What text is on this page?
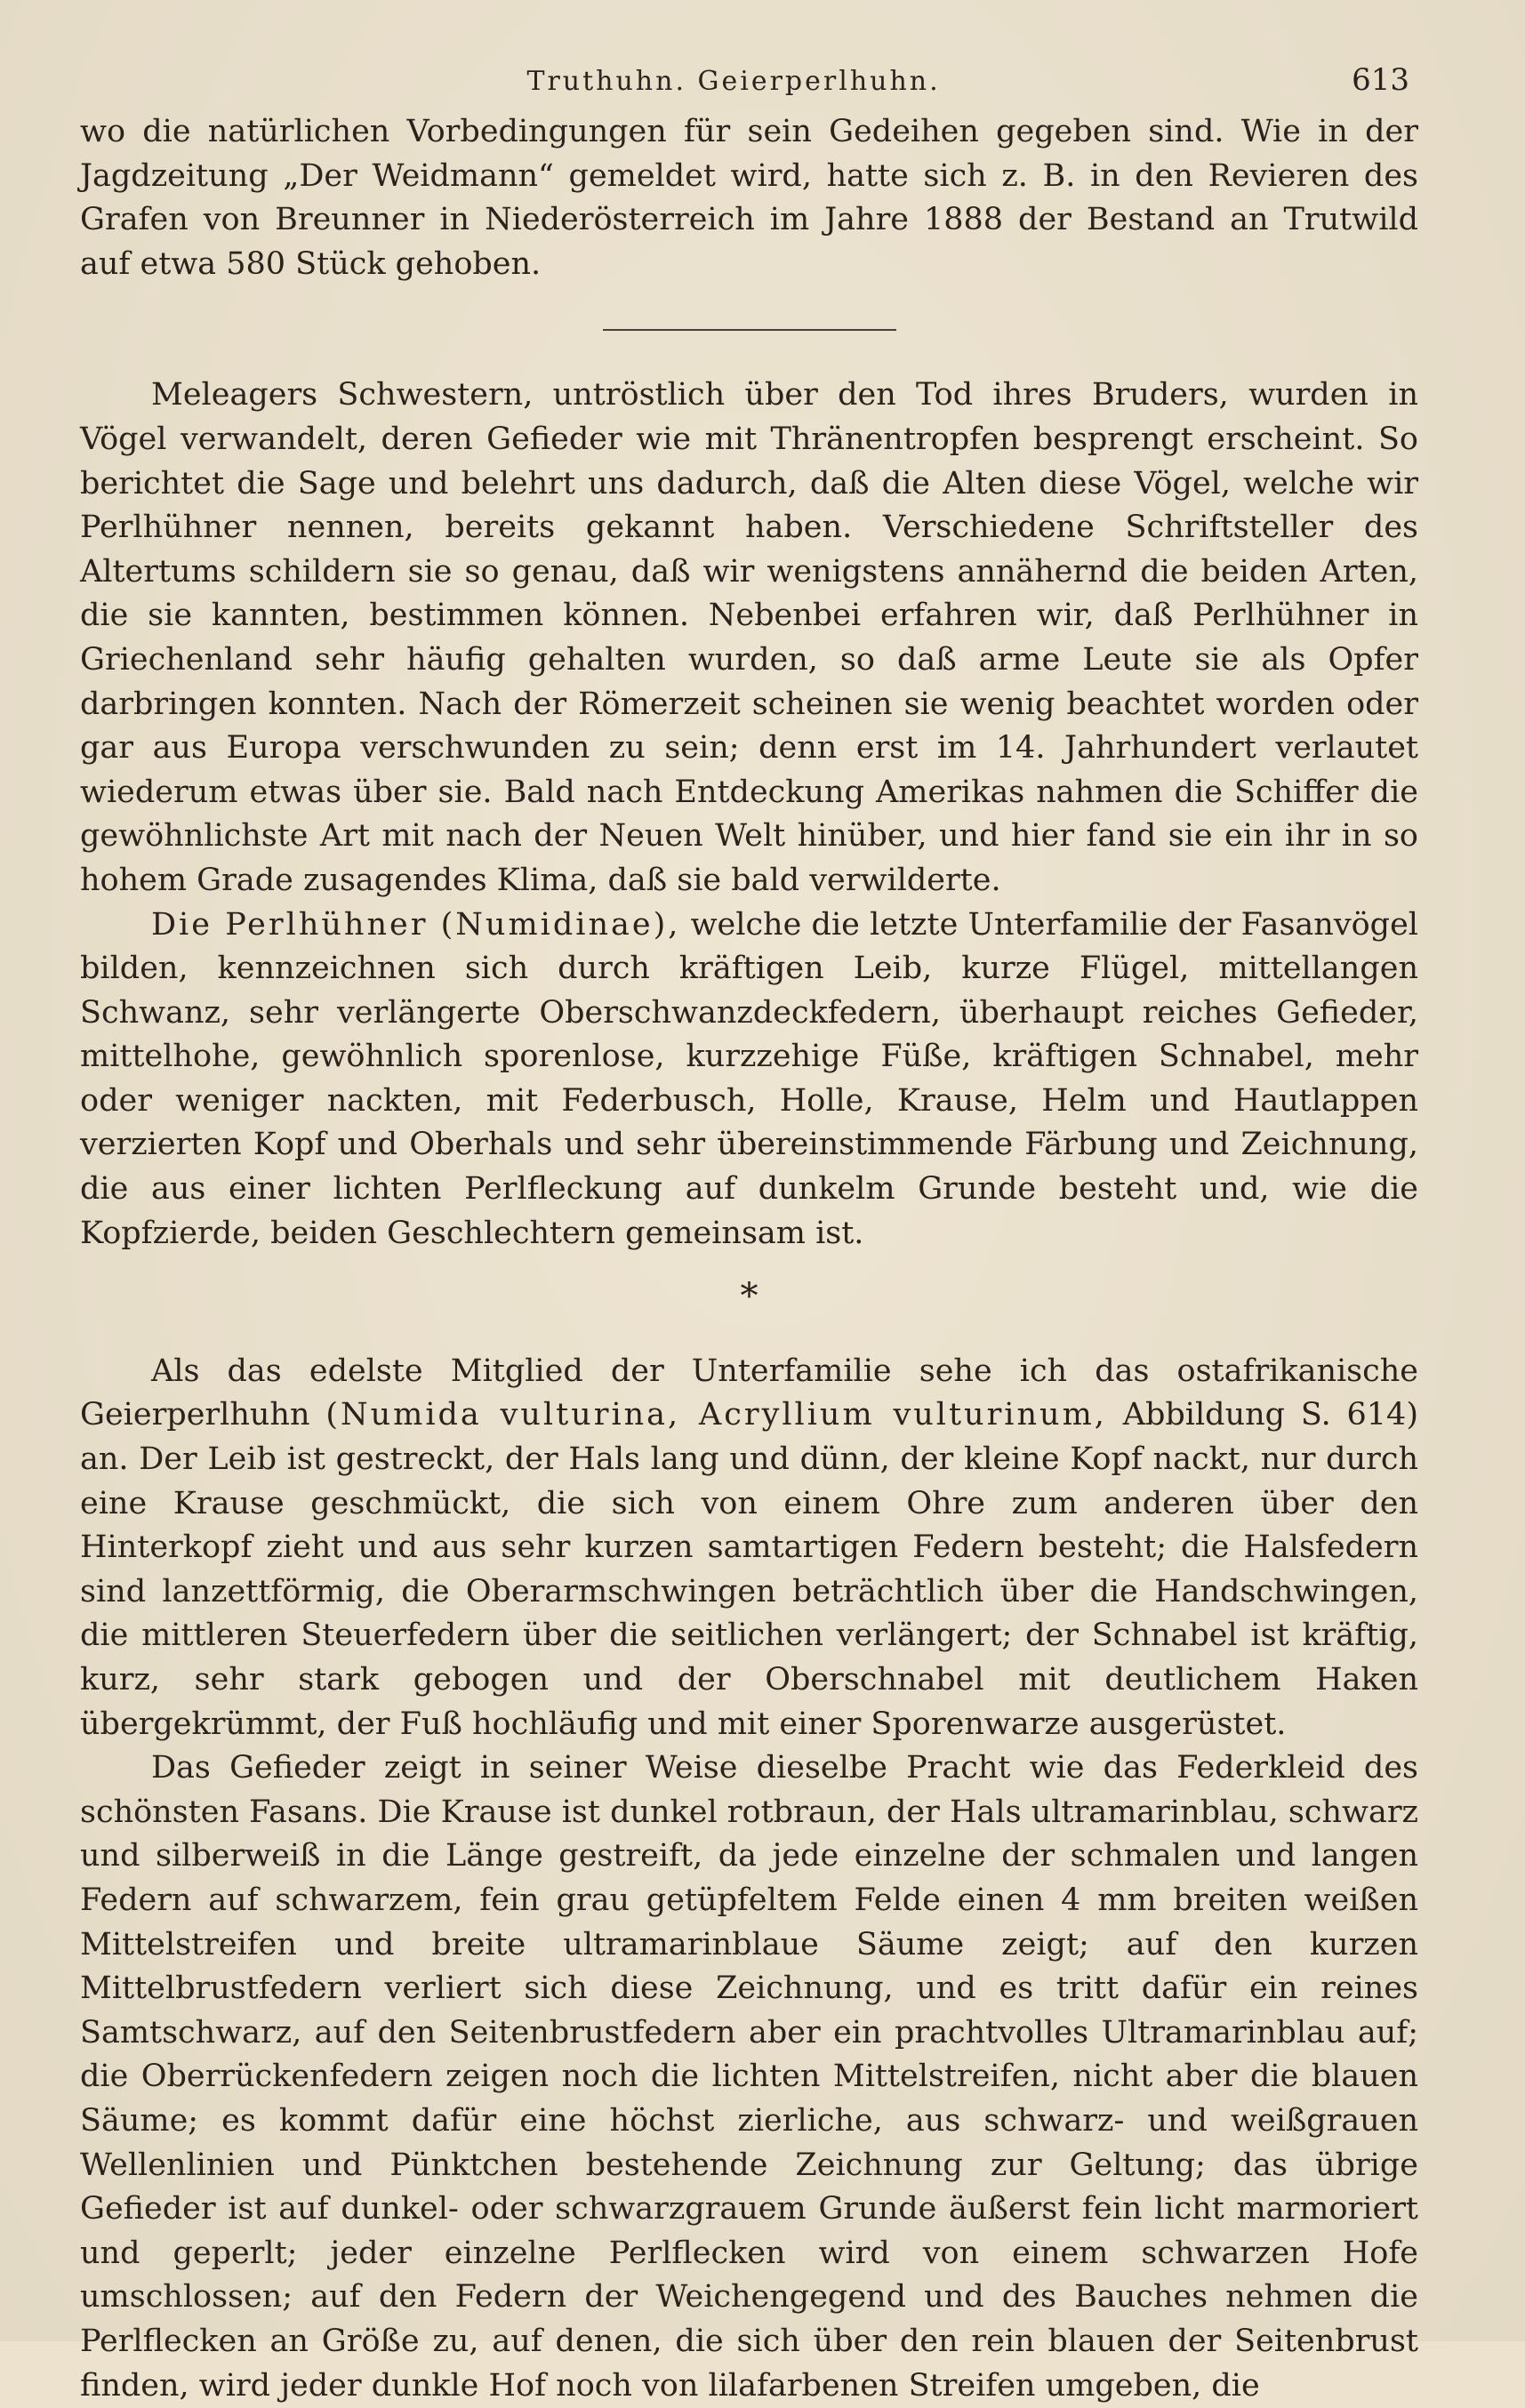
Truthuhn. Geierperlhuhn.	613

wo die natürlichen Vorbedingungen für sein Gedeihen gegeben sind. Wie in der Jagdzeitung „Der Weidmann“ gemeldet wird, hatte sich z. B. in den Revieren des Grafen von Breunner in Niederösterreich im Jahre 1888 der Bestand an Trutwild auf etwa 580 Stück gehoben.

Meleagers Schwestern, untröstlich über den Tod ihres Bruders, wurden in Vögel verwandelt, deren Gefieder wie mit Thränentropfen besprengt erscheint. So berichtet die Sage und belehrt uns dadurch, daß die Alten diese Vögel, welche wir Perlhühner nennen, bereits gekannt haben. Verschiedene Schriftsteller des Altertums schildern sie so genau, daß wir wenigstens annähernd die beiden Arten, die sie kannten, bestimmen können. Nebenbei erfahren wir, daß Perlhühner in Griechenland sehr häufig gehalten wurden, so daß arme Leute sie als Opfer darbringen konnten. Nach der Römerzeit scheinen sie wenig beachtet worden oder gar aus Europa verschwunden zu sein; denn erst im 14. Jahrhundert verlautet wiederum etwas über sie. Bald nach Entdeckung Amerikas nahmen die Schiffer die gewöhnlichste Art mit nach der Neuen Welt hinüber, und hier fand sie ein ihr in so hohem Grade zusagendes Klima, daß sie bald verwilderte.

Die Perlhühner (Numidinae), welche die letzte Unterfamilie der Fasanvögel bilden, kennzeichnen sich durch kräftigen Leib, kurze Flügel, mittellangen Schwanz, sehr verlängerte Oberschwanzdeckfedern, überhaupt reiches Gefieder, mittelhohe, gewöhnlich sporenlose, kurzzehige Füße, kräftigen Schnabel, mehr oder weniger nackten, mit Federbusch, Holle, Krause, Helm und Hautlappen verzierten Kopf und Oberhals und sehr übereinstimmende Färbung und Zeichnung, die aus einer lichten Perlfleckung auf dunkelm Grunde besteht und, wie die Kopfzierde, beiden Geschlechtern gemeinsam ist.

*

Als das edelste Mitglied der Unterfamilie sehe ich das ostafrikanische Geierperlhuhn (Numida vulturina, Acryllium vulturinum, Abbildung S. 614) an. Der Leib ist gestreckt, der Hals lang und dünn, der kleine Kopf nackt, nur durch eine Krause geschmückt, die sich von einem Ohre zum anderen über den Hinterkopf zieht und aus sehr kurzen samtartigen Federn besteht; die Halsfedern sind lanzettförmig, die Oberarmschwingen beträchtlich über die Handschwingen, die mittleren Steuerfedern über die seitlichen verlängert; der Schnabel ist kräftig, kurz, sehr stark gebogen und der Oberschnabel mit deutlichem Haken übergekrümmt, der Fuß hochläufig und mit einer Sporenwarze ausgerüstet.

Das Gefieder zeigt in seiner Weise dieselbe Pracht wie das Federkleid des schönsten Fasans. Die Krause ist dunkel rotbraun, der Hals ultramarinblau, schwarz und silberweiß in die Länge gestreift, da jede einzelne der schmalen und langen Federn auf schwarzem, fein grau getüpfeltem Felde einen 4 mm breiten weißen Mittelstreifen und breite ultramarinblaue Säume zeigt; auf den kurzen Mittelbrustfedern verliert sich diese Zeichnung, und es tritt dafür ein reines Samtschwarz, auf den Seitenbrustfedern aber ein prachtvolles Ultramarinblau auf; die Oberrückenfedern zeigen noch die lichten Mittelstreifen, nicht aber die blauen Säume; es kommt dafür eine höchst zierliche, aus schwarz- und weißgrauen Wellenlinien und Pünktchen bestehende Zeichnung zur Geltung; das übrige Gefieder ist auf dunkel- oder schwarzgrauem Grunde äußerst fein licht marmoriert und geperlt; jeder einzelne Perlflecken wird von einem schwarzen Hofe umschlossen; auf den Federn der Weichengegend und des Bauches nehmen die Perlflecken an Größe zu, auf denen, die sich über den rein blauen der Seitenbrust finden, wird jeder dunkle Hof noch von lilafarbenen Streifen umgeben, die
